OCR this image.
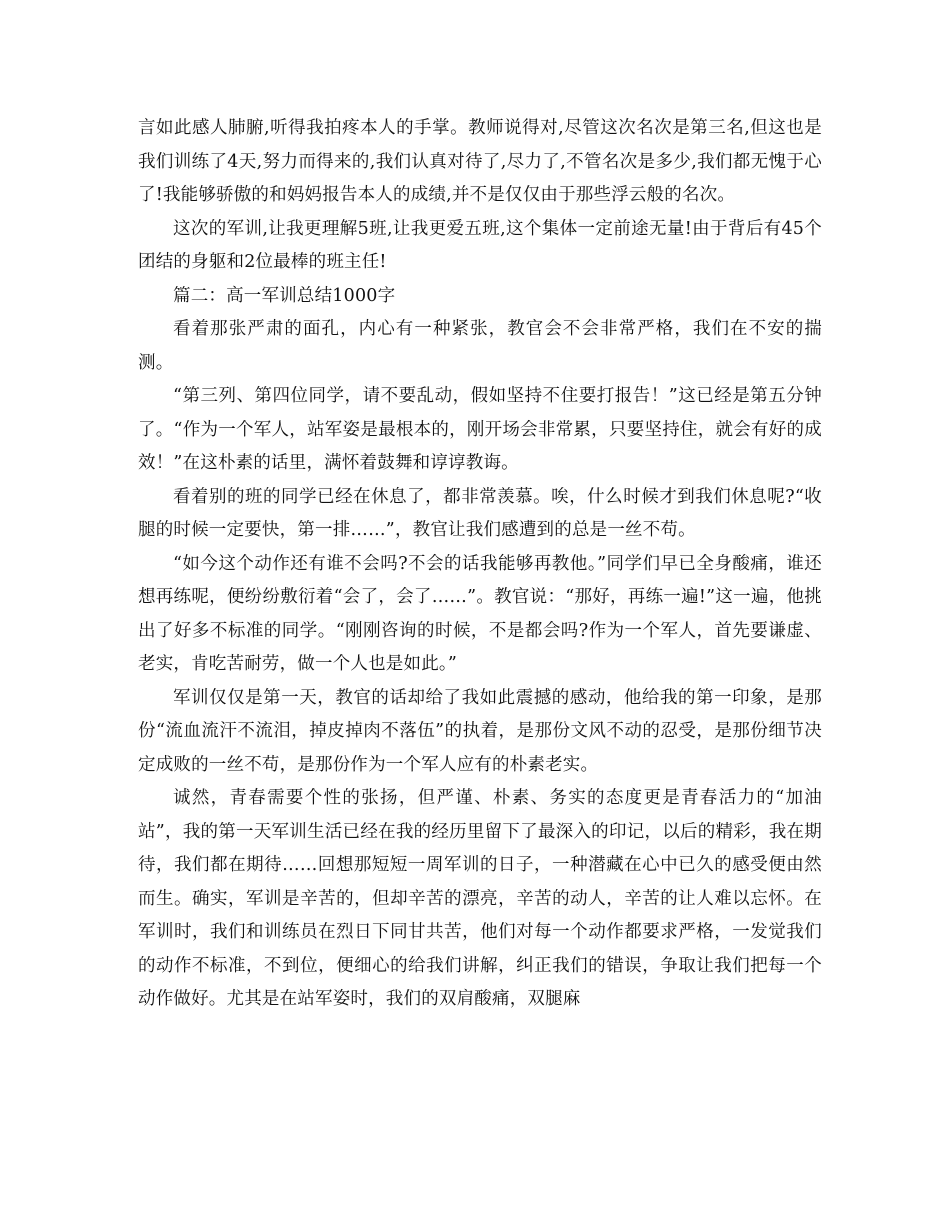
言如此感人肺腑,听得我拍疼本人的手掌。教师说得对,尽管这次名次是第三名,但这也是我们训练了4天,努力而得来的,我们认真对待了,尽力了,不管名次是多少,我们都无愧于心了!我能够骄傲的和妈妈报告本人的成绩,并不是仅仅由于那些浮云般的名次。

这次的军训,让我更理解5班,让我更爱五班,这个集体一定前途无量!由于背后有45个团结的身躯和2位最棒的班主任!

篇二：高一军训总结1000字

看着那张严肃的面孔，内心有一种紧张，教官会不会非常严格，我们在不安的揣测。

“第三列、第四位同学，请不要乱动，假如坚持不住要打报告！”这已经是第五分钟了。“作为一个军人，站军姿是最根本的，刚开场会非常累，只要坚持住，就会有好的成效！”在这朴素的话里，满怀着鼓舞和谆谆教诲。

看着别的班的同学已经在休息了，都非常羡慕。唉，什么时候才到我们休息呢?“收腿的时候一定要快，第一排……”，教官让我们感遭到的总是一丝不苟。

“如今这个动作还有谁不会吗?不会的话我能够再教他。”同学们早已全身酸痛，谁还想再练呢，便纷纷敷衍着“会了，会了……”。教官说：“那好，再练一遍!”这一遍，他挑出了好多不标准的同学。“刚刚咨询的时候，不是都会吗?作为一个军人，首先要谦虚、老实，肯吃苦耐劳，做一个人也是如此。”

军训仅仅是第一天，教官的话却给了我如此震撼的感动，他给我的第一印象，是那份“流血流汗不流泪，掉皮掉肉不落伍”的执着，是那份文风不动的忍受，是那份细节决定成败的一丝不苟，是那份作为一个军人应有的朴素老实。

诚然，青春需要个性的张扬，但严谨、朴素、务实的态度更是青春活力的“加油站”，我的第一天军训生活已经在我的经历里留下了最深入的印记，以后的精彩，我在期待，我们都在期待……回想那短短一周军训的日子，一种潜藏在心中已久的感受便由然而生。确实，军训是辛苦的，但却辛苦的漂亮，辛苦的动人，辛苦的让人难以忘怀。在军训时，我们和训练员在烈日下同甘共苦，他们对每一个动作都要求严格，一发觉我们的动作不标准，不到位，便细心的给我们讲解，纠正我们的错误，争取让我们把每一个动作做好。尤其是在站军姿时，我们的双肩酸痛，双腿麻
